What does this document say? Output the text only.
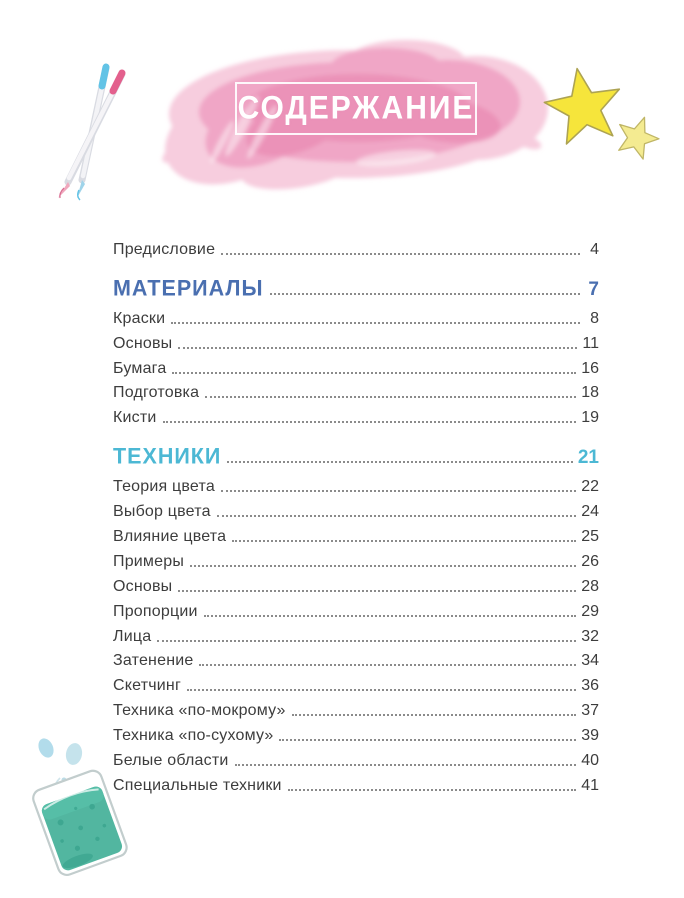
СОДЕРЖАНИЕ
Предисловие	4
МАТЕРИАЛЫ	7
Краски	8
Основы	11
Бумага	16
Подготовка	18
Кисти	19
ТЕХНИКИ	21
Теория цвета	22
Выбор цвета	24
Влияние цвета	25
Примеры	26
Основы	28
Пропорции	29
Лица	32
Затенение	34
Скетчинг	36
Техника «по-мокрому»	37
Техника «по-сухому»	39
Белые области	40
Специальные техники	41
